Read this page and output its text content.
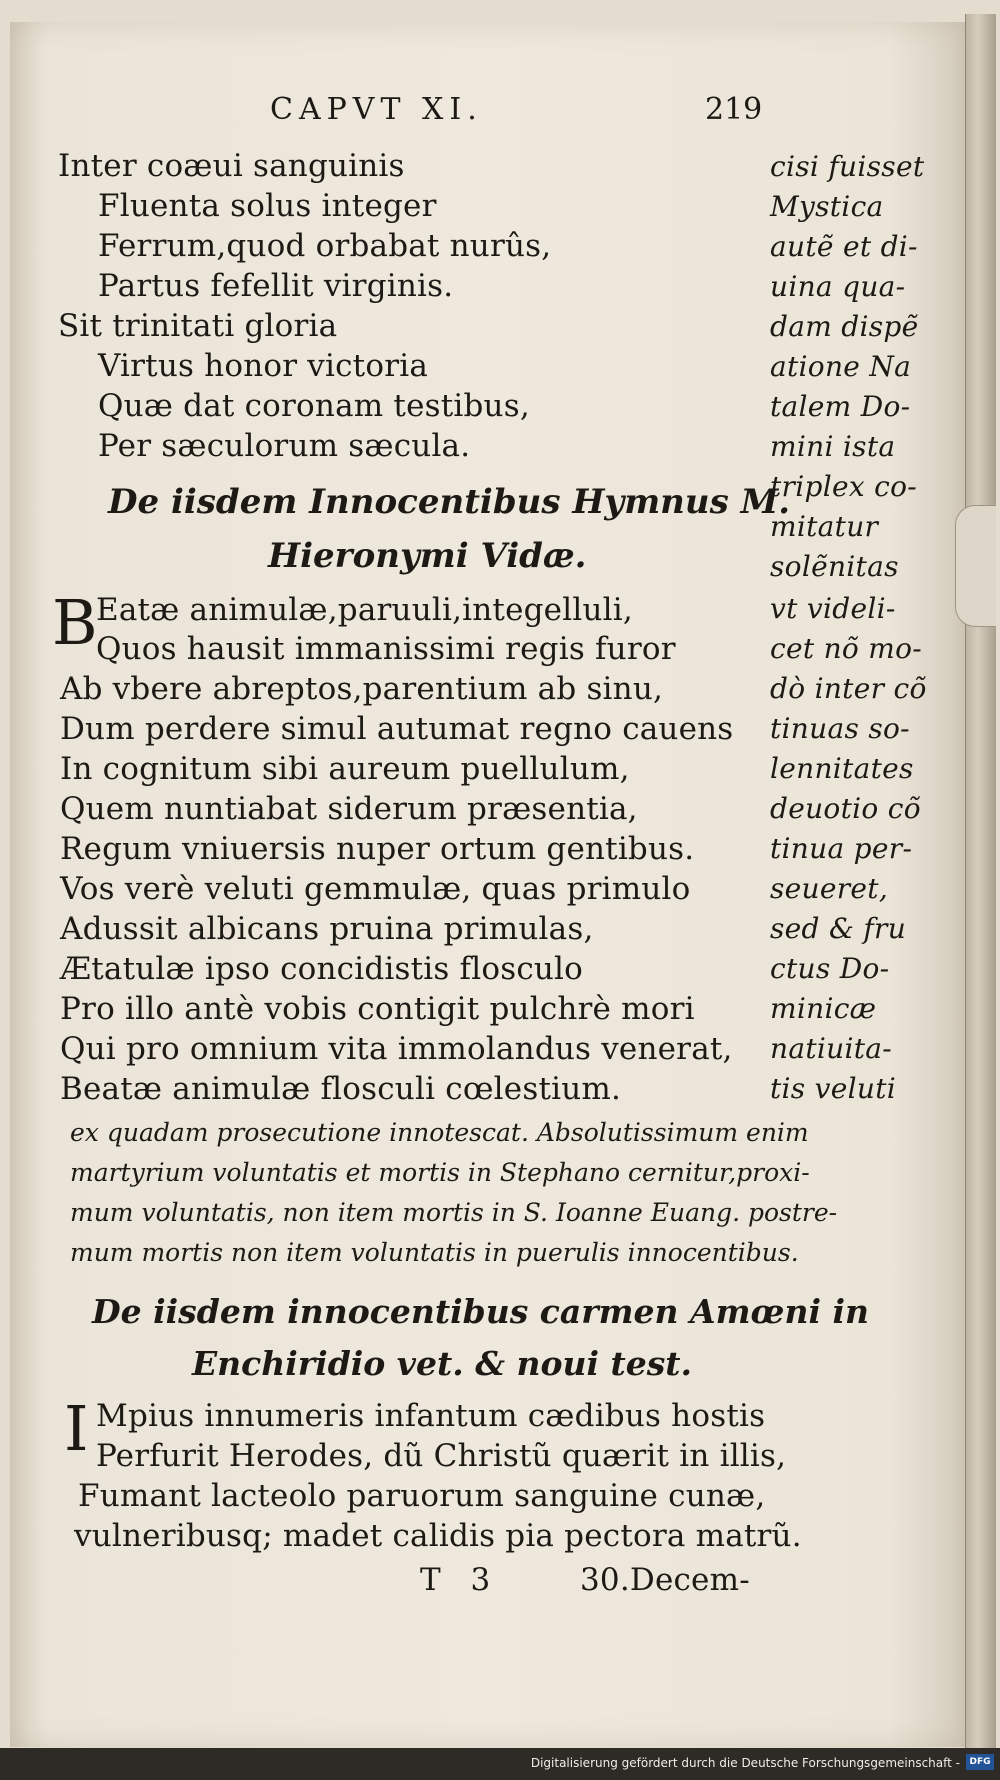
CAPVT XI.	219
Inter coæui sanguinis
Fluenta solus integer
Ferrum,quod orbabat nurûs,
Partus fefellit virginis.
Sit trinitati gloria
Virtus honor victoria
Quæ dat coronam testibus,
Per sæculorum sæcula.
De iisdem Innocentibus Hymnus M.
Hieronymi Vidæ.
B
Eatæ animulæ,paruuli,integelluli,
Quos hausit immanissimi regis furor
Ab vbere abreptos,parentium ab sinu,
Dum perdere simul autumat regno cauens
In cognitum sibi aureum puellulum,
Quem nuntiabat siderum præsentia,
Regum vniuersis nuper ortum gentibus.
Vos verè veluti gemmulæ, quas primulo
Adussit albicans pruina primulas,
Ætatulæ ipso concidistis flosculo
Pro illo antè vobis contigit pulchrè mori
Qui pro omnium vita immolandus venerat,
Beatæ animulæ flosculi cœlestium.
cisi fuisset
Mystica
autẽ et di-
uina qua-
dam dispẽ
atione Na
talem Do-
mini ista
triplex co-
mitatur
solẽnitas
vt videli-
cet nõ mo-
dò inter cõ
tinuas so-
lennitates
deuotio cõ
tinua per-
seueret,
sed & fru
ctus Do-
minicæ
natiuita-
tis veluti
ex quadam prosecutione innotescat. Absolutissimum enim
martyrium voluntatis et mortis in Stephano cernitur,proxi-
mum voluntatis, non item mortis in S. Ioanne Euang. postre-
mum mortis non item voluntatis in puerulis innocentibus.
De iisdem innocentibus carmen Amœni in
Enchiridio vet. & noui test.
I Mpius innumeris infantum cædibus hostis
Perfurit Herodes, dũ Christũ quærit in illis,
Fumant lacteolo paruorum sanguine cunæ,
vulneribusq; madet calidis pia pectora matrũ.
T 3	30.Decem-
Digitalisierung gefördert durch die Deutsche Forschungsgemeinschaft -	DFG
